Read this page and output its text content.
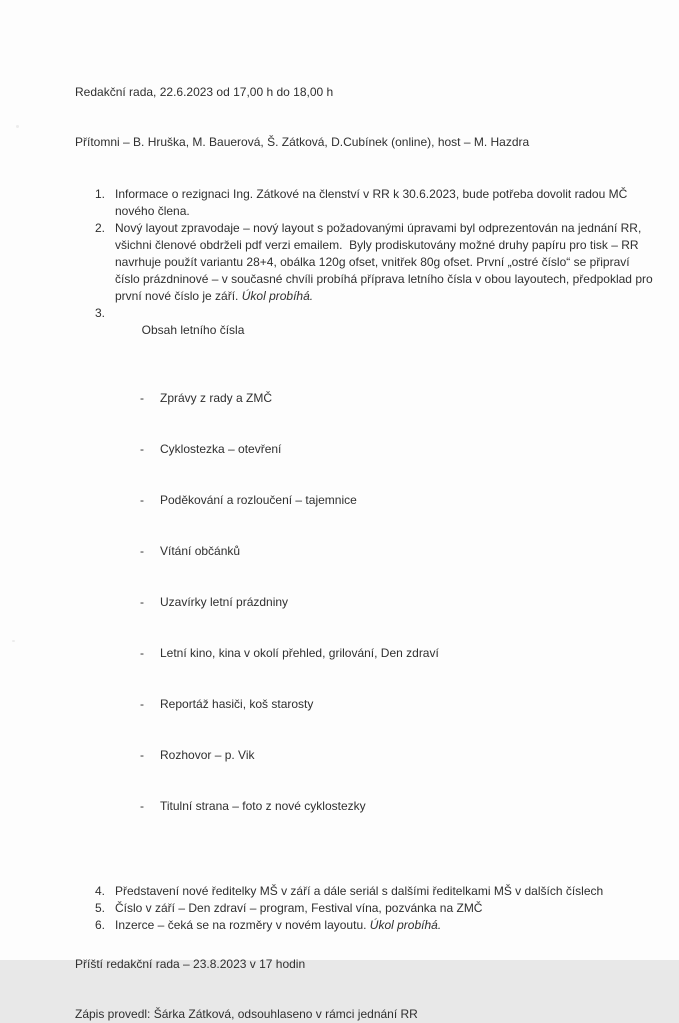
Redakční rada, 22.6.2023 od 17,00 h do 18,00 h

Přítomni – B. Hruška, M. Bauerová, Š. Zátková, D.Cubínek (online), host – M. Hazdra

1. Informace o rezignaci Ing. Zátkové na členství v RR k 30.6.2023, bude potřeba dovolit radou MČ nového člena.
2. Nový layout zpravodaje – nový layout s požadovanými úpravami byl odprezentován na jednání RR, všichni členové obdrželi pdf verzi emailem.  Byly prodiskutovány možné druhy papíru pro tisk – RR navrhuje použít variantu 28+4, obálka 120g ofset, vnitřek 80g ofset. První „ostré číslo“ se připraví číslo prázdninové – v současné chvíli probíhá příprava letního čísla v obou layoutech, předpoklad pro první nové číslo je září. Úkol probíhá.
3.

Obsah letního čísla

-	Zprávy z rady a ZMČ

-	Cyklostezka – otevření

-	Poděkování a rozloučení – tajemnice

-	Vítání občánků

-	Uzavírky letní prázdniny

-	Letní kino, kina v okolí přehled, grilování, Den zdraví

-	Reportáž hasiči, koš starosty

-	Rozhovor – p. Vik

-	Titulní strana – foto z nové cyklostezky

4. Představení nové ředitelky MŠ v září a dále seriál s dalšími ředitelkami MŠ v dalších číslech
5. Číslo v září – Den zdraví – program, Festival vína, pozvánka na ZMČ
6. Inzerce – čeká se na rozměry v novém layoutu. Úkol probíhá.

Příští redakční rada – 23.8.2023 v 17 hodin

Zápis provedl: Šárka Zátková, odsouhlaseno v rámci jednání RR
